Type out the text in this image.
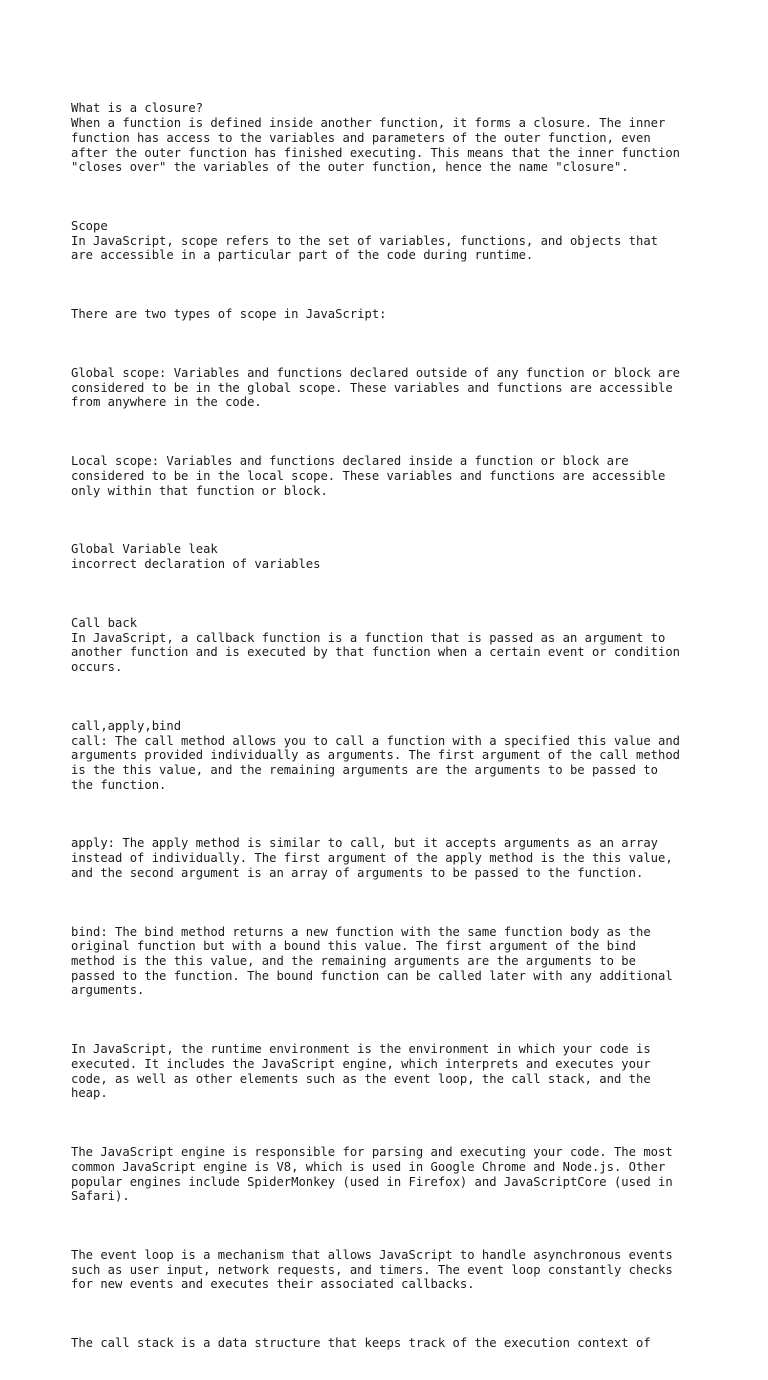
What is a closure?
When a function is defined inside another function, it forms a closure. The inner
function has access to the variables and parameters of the outer function, even
after the outer function has finished executing. This means that the inner function
"closes over" the variables of the outer function, hence the name "closure".

Scope
In JavaScript, scope refers to the set of variables, functions, and objects that
are accessible in a particular part of the code during runtime.

There are two types of scope in JavaScript:

Global scope: Variables and functions declared outside of any function or block are
considered to be in the global scope. These variables and functions are accessible
from anywhere in the code.

Local scope: Variables and functions declared inside a function or block are
considered to be in the local scope. These variables and functions are accessible
only within that function or block.

Global Variable leak
incorrect declaration of variables

Call back
In JavaScript, a callback function is a function that is passed as an argument to
another function and is executed by that function when a certain event or condition
occurs.

call,apply,bind
call: The call method allows you to call a function with a specified this value and
arguments provided individually as arguments. The first argument of the call method
is the this value, and the remaining arguments are the arguments to be passed to
the function.

apply: The apply method is similar to call, but it accepts arguments as an array
instead of individually. The first argument of the apply method is the this value,
and the second argument is an array of arguments to be passed to the function.

bind: The bind method returns a new function with the same function body as the
original function but with a bound this value. The first argument of the bind
method is the this value, and the remaining arguments are the arguments to be
passed to the function. The bound function can be called later with any additional
arguments.

In JavaScript, the runtime environment is the environment in which your code is
executed. It includes the JavaScript engine, which interprets and executes your
code, as well as other elements such as the event loop, the call stack, and the
heap.

The JavaScript engine is responsible for parsing and executing your code. The most
common JavaScript engine is V8, which is used in Google Chrome and Node.js. Other
popular engines include SpiderMonkey (used in Firefox) and JavaScriptCore (used in
Safari).

The event loop is a mechanism that allows JavaScript to handle asynchronous events
such as user input, network requests, and timers. The event loop constantly checks
for new events and executes their associated callbacks.

The call stack is a data structure that keeps track of the execution context of
